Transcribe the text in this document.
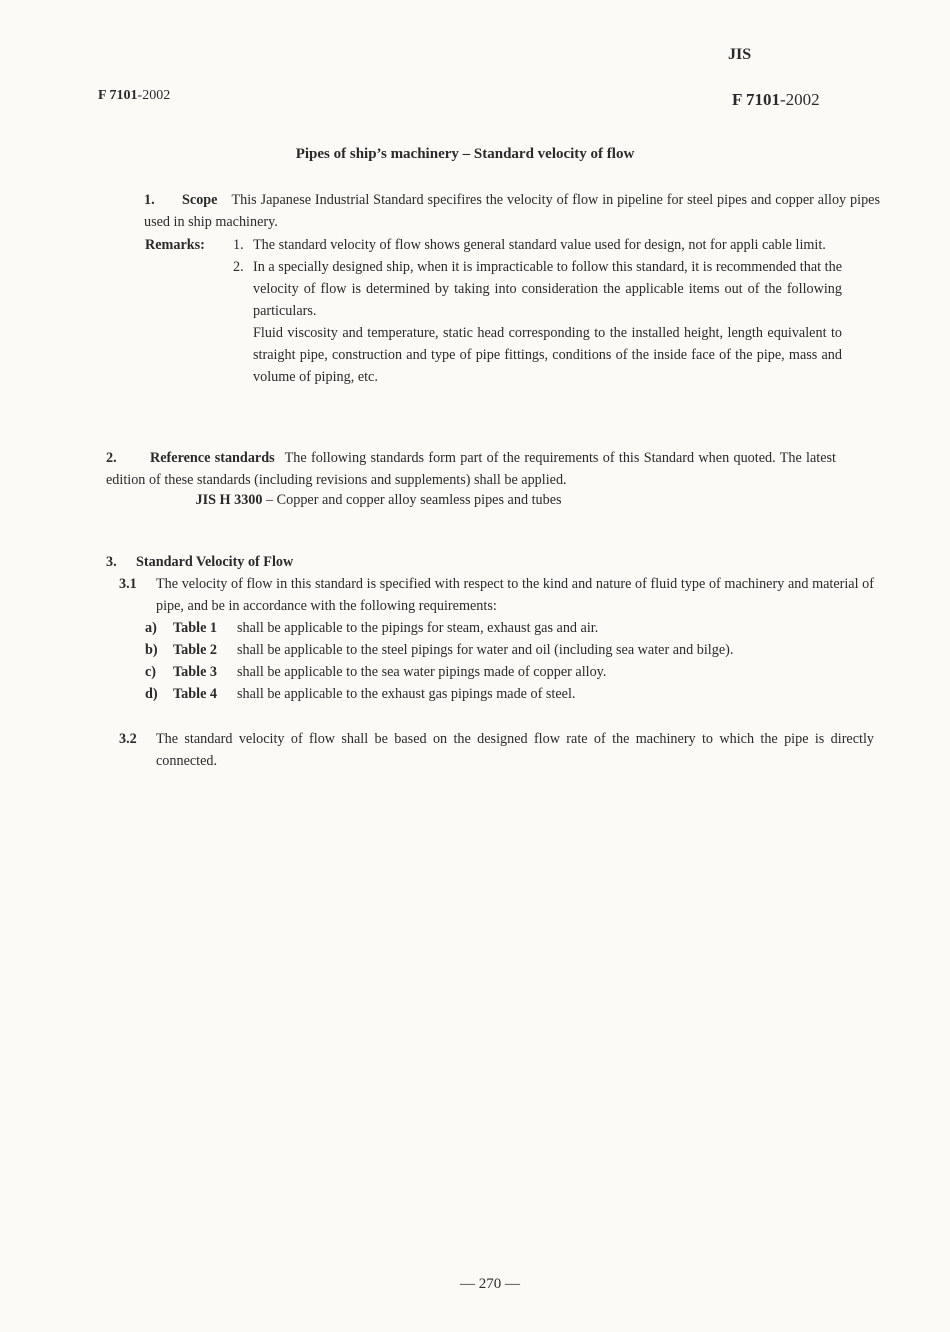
JIS
F 7101-2002	F 7101-2002
Pipes of ship’s machinery – Standard velocity of flow
1. Scope This Japanese Industrial Standard specifires the velocity of flow in pipeline for steel pipes and copper alloy pipes used in ship machinery.
Remarks:	1. The standard velocity of flow shows general standard value used for design, not for appli cable limit.
2. In a specially designed ship, when it is impracticable to follow this standard, it is recommended that the velocity of flow is determined by taking into consideration the applicable items out of the following particulars.
Fluid viscosity and temperature, static head corresponding to the installed height, length equivalent to straight pipe, construction and type of pipe fittings, conditions of the inside face of the pipe, mass and volume of piping, etc.
2. Reference standards The following standards form part of the requirements of this Standard when quoted. The latest edition of these standards (including revisions and supplements) shall be applied.
JIS H 3300 – Copper and copper alloy seamless pipes and tubes
3. Standard Velocity of Flow
3.1 The velocity of flow in this standard is specified with respect to the kind and nature of fluid type of machinery and material of pipe, and be in accordance with the following requirements:
a)	Table 1	shall be applicable to the pipings for steam, exhaust gas and air.
b)	Table 2	shall be applicable to the steel pipings for water and oil (including sea water and bilge).
c)	Table 3	shall be applicable to the sea water pipings made of copper alloy.
d)	Table 4	shall be applicable to the exhaust gas pipings made of steel.
3.2 The standard velocity of flow shall be based on the designed flow rate of the machinery to which the pipe is directly connected.
— 270 —
